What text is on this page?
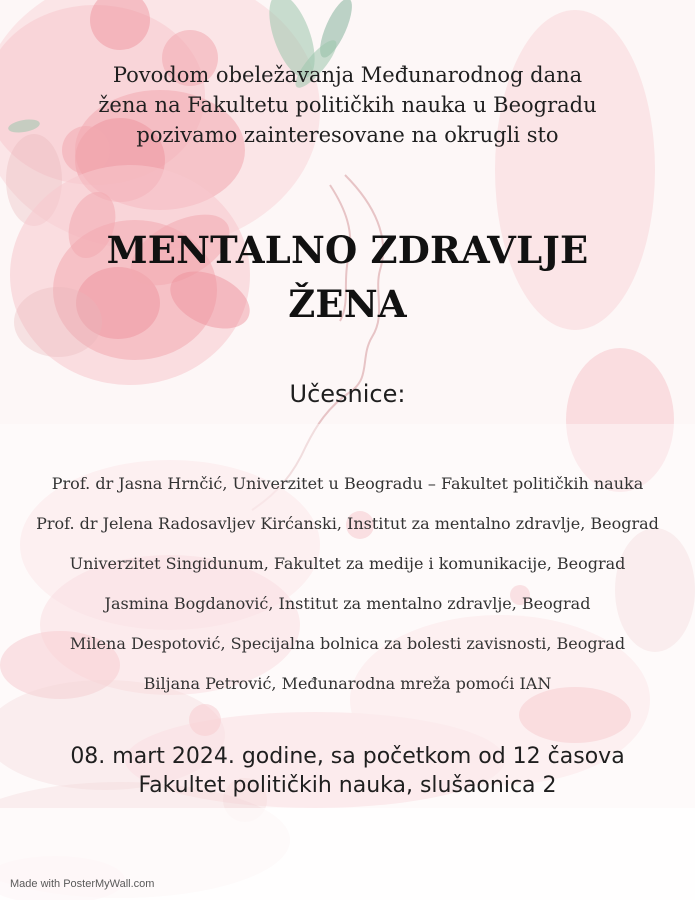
Povodom obeležavanja Međunarodnog dana
žena na Fakultetu političkih nauka u Beogradu
pozivamo zainteresovane na okrugli sto
MENTALNO ZDRAVLJE
ŽENA
Učesnice:
Prof. dr Jasna Hrnčić, Univerzitet u Beogradu – Fakultet političkih nauka
Prof. dr Jelena Radosavljev Kirćanski, Institut za mentalno zdravlje, Beograd
Univerzitet Singidunum, Fakultet za medije i komunikacije, Beograd
Jasmina Bogdanović, Institut za mentalno zdravlje, Beograd
Milena Despotović, Specijalna bolnica za bolesti zavisnosti, Beograd
Biljana Petrović, Međunarodna mreža pomoći IAN
08. mart 2024. godine, sa početkom od 12 časova
Fakultet političkih nauka, slušaonica 2
Made with PosterMyWall.com
